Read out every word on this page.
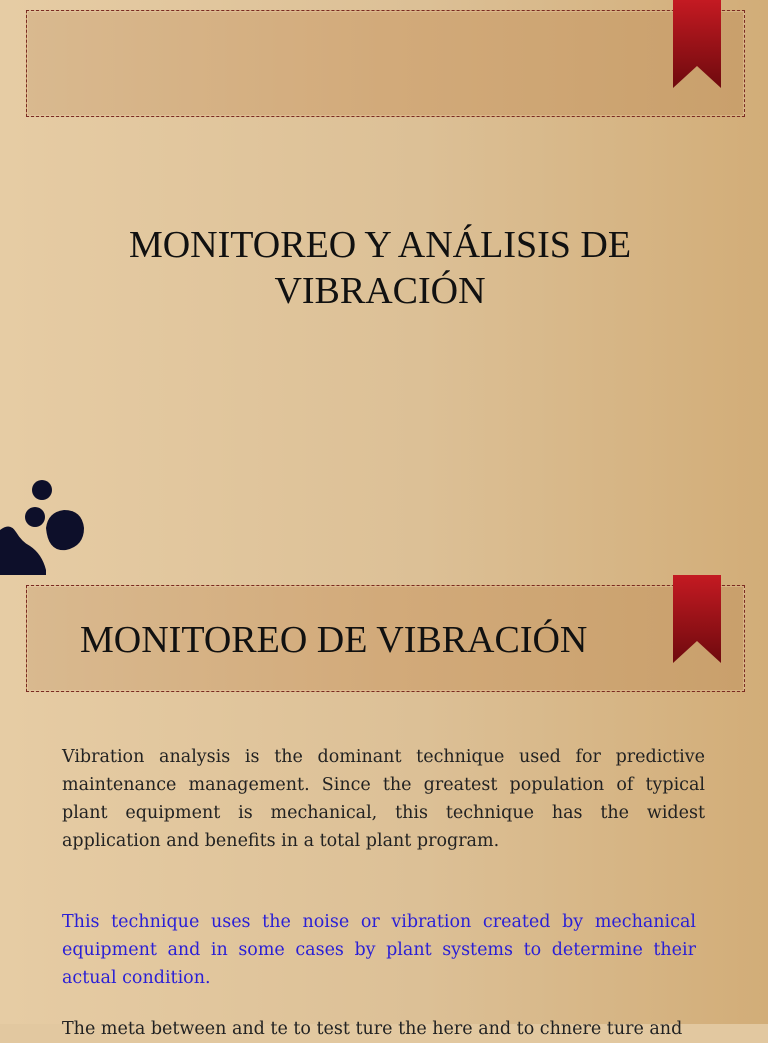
MONITOREO Y ANÁLISIS DE VIBRACIÓN
MONITOREO DE VIBRACIÓN

Vibration analysis is the dominant technique used for predictive maintenance management. Since the greatest population of typical plant equipment is mechanical, this technique has the widest application and benefits in a total plant program.

This technique uses the noise or vibration created by mechanical equipment and in some cases by plant systems to determine their actual condition.

The meta between and te to test ture the here and to chnere ture and
